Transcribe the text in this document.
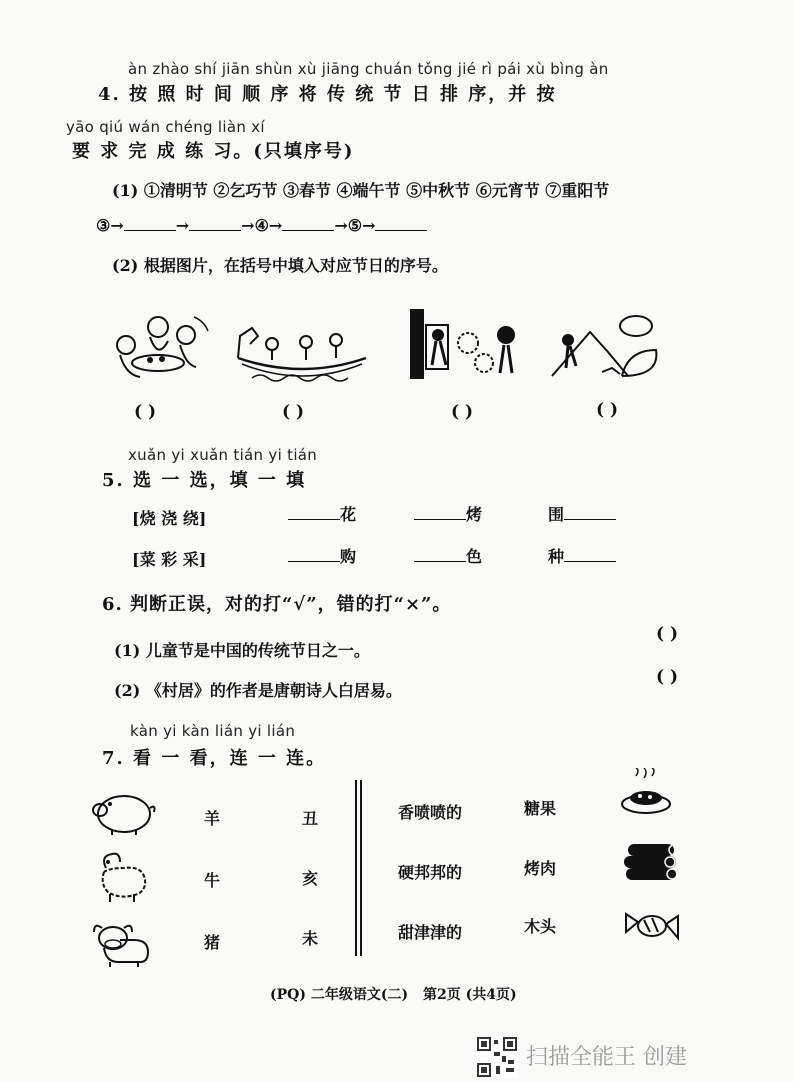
àn zhào shí jiān shùn xù jiāng chuán tǒng jié rì pái xù bìng àn
4. 按 照 时 间 顺 序 将 传 统 节 日 排 序，并 按
yāo qiú wán chéng liàn xí
要 求 完 成 练 习。(只填序号)
(1) ①清明节 ②乞巧节 ③春节 ④端午节 ⑤中秋节 ⑥元宵节 ⑦重阳节
③→	→	→④→	→⑤→
(2) 根据图片，在括号中填入对应节日的序号。
( )	( )	( )	( )
xuǎn yi xuǎn tián yi tián
5. 选 一 选，填 一 填
[烧 浇 绕]	花	烤	围
[菜 彩 采]	购	色	种
6. 判断正误，对的打“√”，错的打“×”。
(1) 儿童节是中国的传统节日之一。
( )
(2) 《村居》的作者是唐朝诗人白居易。
( )
kàn yi kàn lián yi lián
7. 看 一 看，连 一 连。
羊
牛
猪
丑
亥
未
香喷喷的
硬邦邦的
甜津津的
糖果
烤肉
木头
(PQ) 二年级语文(二) 第2页 (共4页)
扫描全能王 创建
